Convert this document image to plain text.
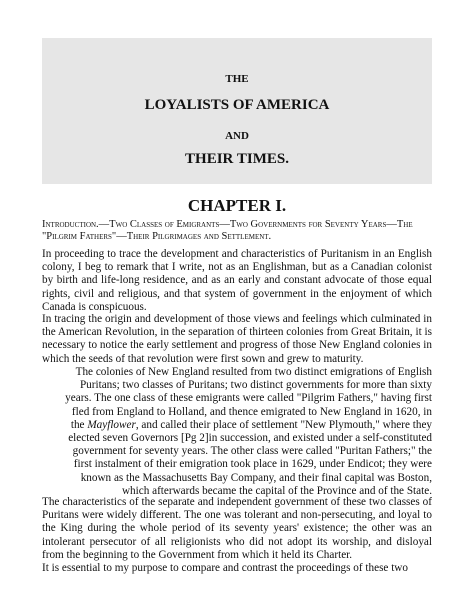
THE
LOYALISTS OF AMERICA
AND
THEIR TIMES.
CHAPTER I.
Introduction.—Two Classes of Emigrants—Two Governments for Seventy Years—The "Pilgrim Fathers"—Their Pilgrimages and Settlement.

In proceeding to trace the development and characteristics of Puritanism in an English colony, I beg to remark that I write, not as an Englishman, but as a Canadian colonist by birth and life-long residence, and as an early and constant advocate of those equal rights, civil and religious, and that system of government in the enjoyment of which Canada is conspicuous.

In tracing the origin and development of those views and feelings which culminated in the American Revolution, in the separation of thirteen colonies from Great Britain, it is necessary to notice the early settlement and progress of those New England colonies in which the seeds of that revolution were first sown and grew to maturity.

The colonies of New England resulted from two distinct emigrations of English Puritans; two classes of Puritans; two distinct governments for more than sixty years. The one class of these emigrants were called "Pilgrim Fathers," having first fled from England to Holland, and thence emigrated to New England in 1620, in the Mayflower, and called their place of settlement "New Plymouth," where they elected seven Governors [Pg 2]in succession, and existed under a self-constituted government for seventy years. The other class were called "Puritan Fathers;" the first instalment of their emigration took place in 1629, under Endicot; they were known as the Massachusetts Bay Company, and their final capital was Boston, which afterwards became the capital of the Province and of the State.

The characteristics of the separate and independent government of these two classes of Puritans were widely different. The one was tolerant and non-persecuting, and loyal to the King during the whole period of its seventy years' existence; the other was an intolerant persecutor of all religionists who did not adopt its worship, and disloyal from the beginning to the Government from which it held its Charter.

It is essential to my purpose to compare and contrast the proceedings of these two
